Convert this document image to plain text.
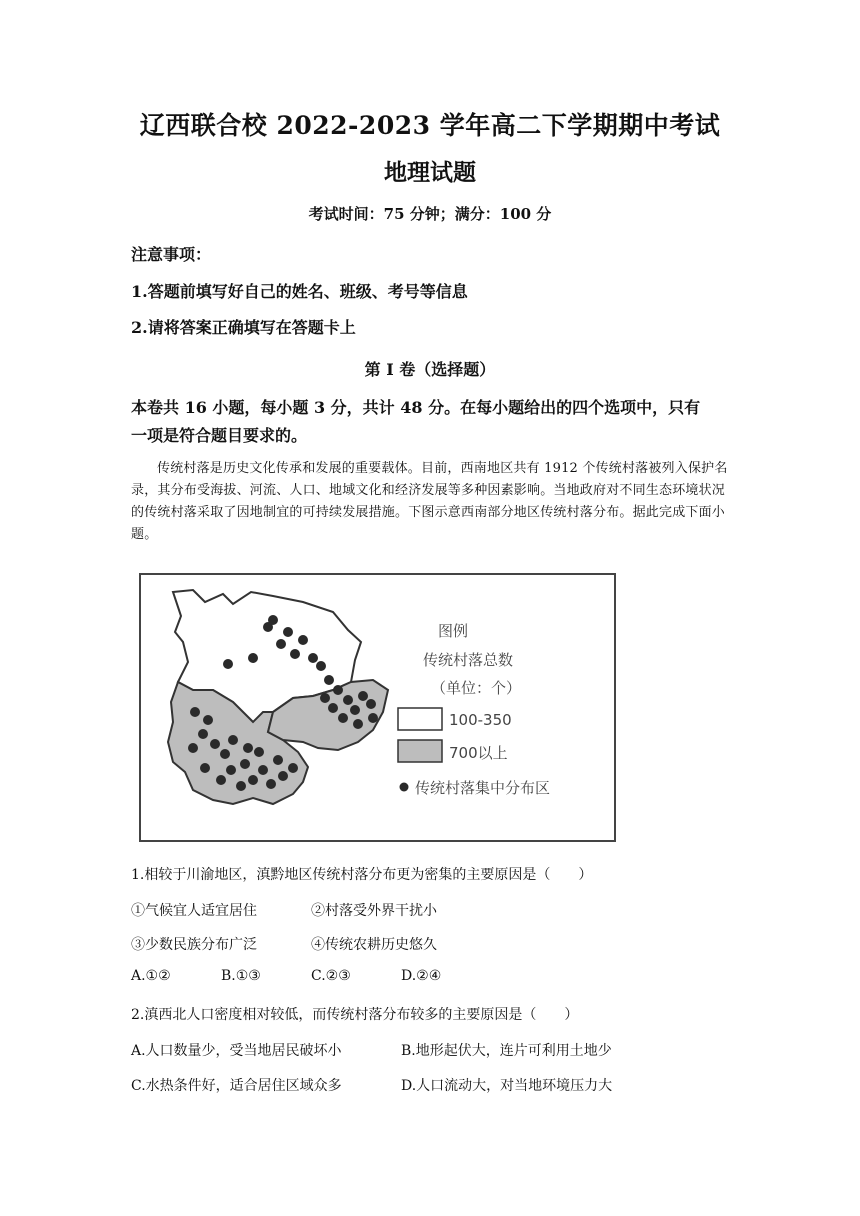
辽西联合校 2022-2023 学年高二下学期期中考试
地理试题
考试时间：75 分钟；满分：100 分
注意事项：
1.答题前填写好自己的姓名、班级、考号等信息
2.请将答案正确填写在答题卡上
第 I 卷（选择题）
本卷共 16 小题，每小题 3 分，共计 48 分。在每小题给出的四个选项中，只有
一项是符合题目要求的。
传统村落是历史文化传承和发展的重要载体。目前，西南地区共有 1912 个传统村落被列入保护名录，其分布受海拔、河流、人口、地域文化和经济发展等多种因素影响。当地政府对不同生态环境状况的传统村落采取了因地制宜的可持续发展措施。下图示意西南部分地区传统村落分布。据此完成下面小题。
图例
传统村落总数
（单位：个）
100-350
700以上
传统村落集中分布区
1.相较于川渝地区，滇黔地区传统村落分布更为密集的主要原因是（　　）
①气候宜人适宜居住	②村落受外界干扰小
③少数民族分布广泛	④传统农耕历史悠久
A.①②	B.①③	C.②③	D.②④
2.滇西北人口密度相对较低，而传统村落分布较多的主要原因是（　　）
A.人口数量少，受当地居民破坏小	B.地形起伏大，连片可利用土地少
C.水热条件好，适合居住区域众多	D.人口流动大，对当地环境压力大
